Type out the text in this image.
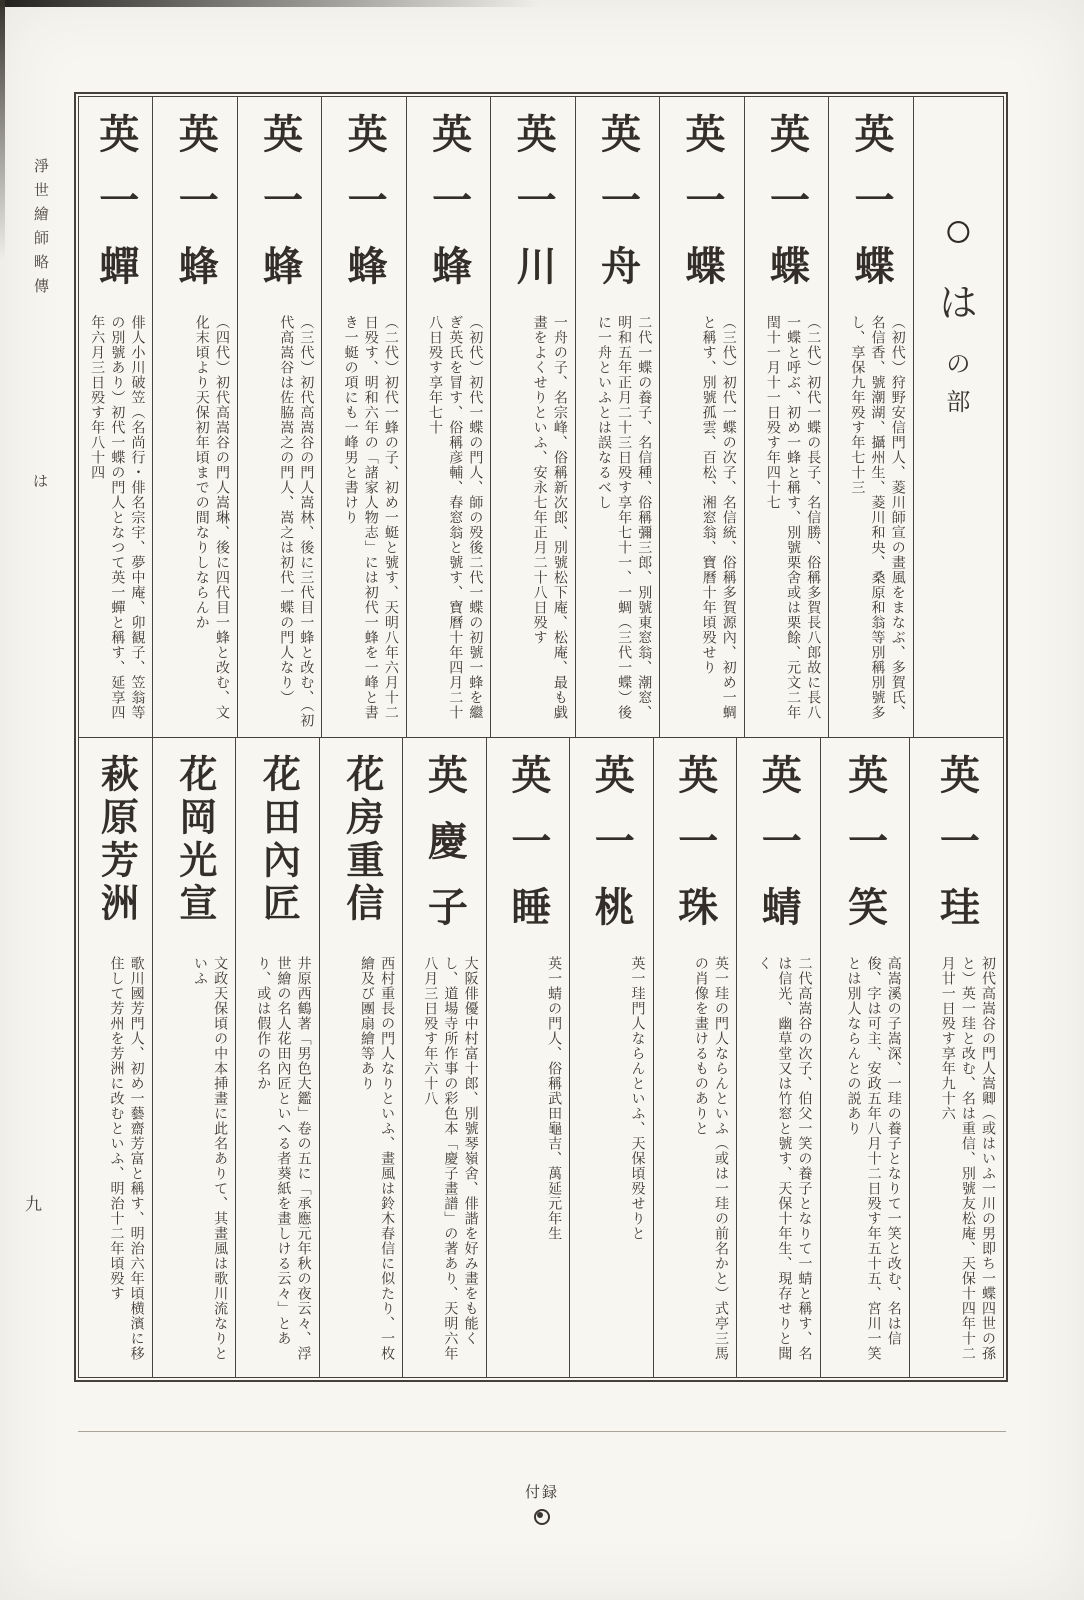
淨世繪師略傳
は
九
○
は
の
部
英一蝶
（初代）狩野安信門人、菱川師宣の畫風をまなぶ、多賀氏、名信香、號潮湖、攝州生、菱川和央、桑原和翁等別稱別號多し、享保九年殁す年七十三
英一蝶
（二代）初代一蝶の長子、名信勝、俗稱多賀長八郎故に長八一蝶と呼ぶ、初め一蜂と稱す、別號栗舍或は栗餘、元文二年閏十一月十一日殁す年四十七
英一蝶
（三代）初代一蝶の次子、名信統、俗稱多賀源內、初め一蜩と稱す、別號孤雲、百松、湘窓翁、寶曆十年頃殁せり
英一舟
二代一蝶の養子、名信種、俗稱彌三郎、別號東窓翁、潮窓、明和五年正月二十三日殁す享年七十一、一蜩（三代一蝶）後に一舟といふとは誤なるべし
英一川
一舟の子、名宗峰、俗稱新次郎、別號松下庵、松庵、最も戯畫をよくせりといふ、安永七年正月二十八日殁す
英一蜂
（初代）初代一蝶の門人、師の殁後二代一蝶の初號一蜂を繼ぎ英氏を冒す、俗稱彦輔、春窓翁と號す、寶曆十年四月二十八日殁す享年七十
英一蜂
（二代）初代一蜂の子、初め一蜓と號す、天明八年六月十二日殁す、明和六年の「諸家人物志」には初代一蜂を一峰と書き一蜓の項にも一峰男と書けり
英一蜂
（三代）初代高嵩谷の門人嵩林、後に三代目一蜂と改む、（初代高嵩谷は佐脇嵩之の門人、嵩之は初代一蝶の門人なり）
英一蜂
（四代）初代高嵩谷の門人嵩琳、後に四代目一蜂と改む、文化末頃より天保初年頃までの間なりしならんか
英一蟬
俳人小川破笠（名尚行・俳名宗宇、夢中庵、卯観子、笠翁等の別號あり）初代一蝶の門人となつて英一蟬と稱す、延享四年六月三日殁す年八十四
英一珪
初代高嵩谷の門人嵩卿（或はいふ一川の男即ち一蝶四世の孫と）英一珪と改む、名は重信、別號友松庵、天保十四年十二月廿一日殁す享年九十六
英一笑
高嵩溪の子嵩深、一珪の養子となりて一笑と改む、名は信俊、字は可主、安政五年八月十二日殁す年五十五、宮川一笑とは別人ならんとの説あり
英一蜻
二代高嵩谷の次子、伯父一笑の養子となりて一蜻と稱す、名は信光、幽草堂又は竹窓と號す、天保十年生、現存せりと聞く
英一珠
英一珪の門人ならんといふ（或は一珪の前名かと）式亭三馬の肖像を畫けるものありと
英一桃
英一珪門人ならんといふ、天保頃殁せりと
英一睡
英一蜻の門人、俗稱武田龜吉、萬延元年生
英慶子
大阪俳優中村富十郎、別號琴嶺舍、俳諧を好み畫をも能くし、道場寺所作事の彩色本「慶子畫譜」の著あり、天明六年八月三日殁す年六十八
花房重信
西村重長の門人なりといふ、畫風は鈴木春信に似たり、一枚繪及び團扇繪等あり
花田內匠
井原西鶴著「男色大鑑」卷の五に「承應元年秋の夜云々、浮世繪の名人花田內匠といへる者葵紙を畫しける云々」とあり、或は假作の名か
花岡光宣
文政天保頃の中本挿畫に此名ありて、其畫風は歌川流なりといふ
萩原芳洲
歌川國芳門人、初め一藝齋芳富と稱す、明治六年頃横濱に移住して芳州を芳洲に改むといふ、明治十二年頃殁す
付録
